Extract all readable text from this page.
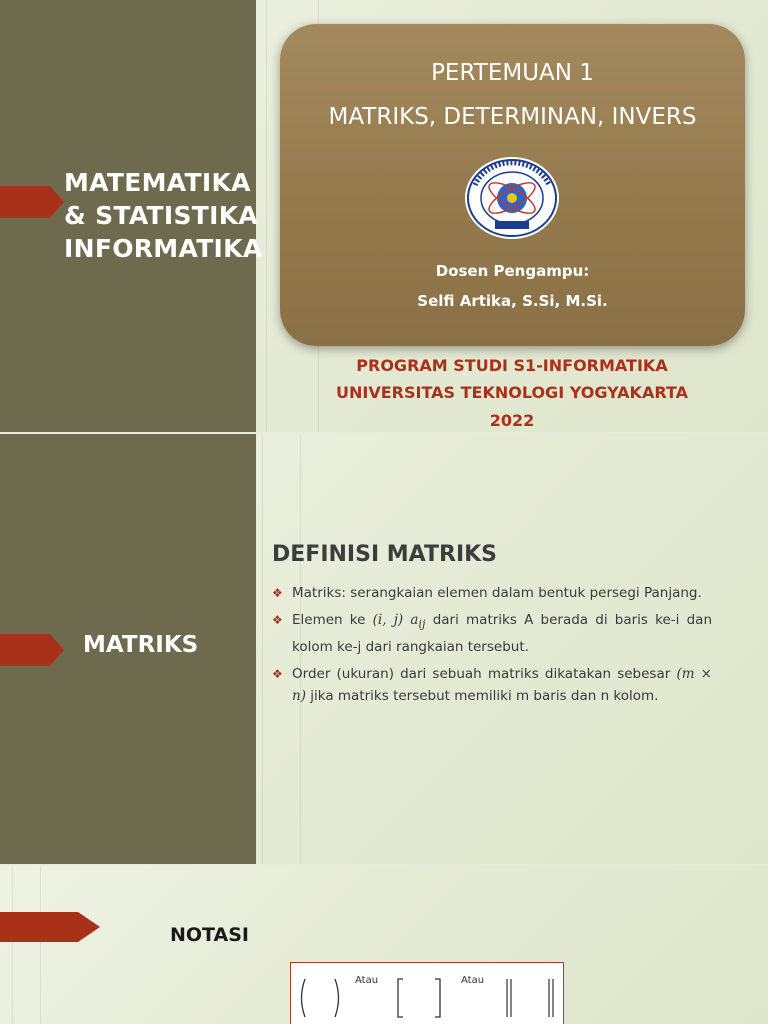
MATEMATIKA
& STATISTIKA
INFORMATIKA
PERTEMUAN 1
MATRIKS, DETERMINAN, INVERS
Dosen Pengampu:
Selfi Artika, S.Si, M.Si.
PROGRAM STUDI S1-INFORMATIKA
UNIVERSITAS TEKNOLOGI YOGYAKARTA
2022
MATRIKS
DEFINISI MATRIKS
❖ Matriks: serangkaian elemen dalam bentuk persegi Panjang.
❖ Elemen ke (i, j) $a_{ij}$ dari matriks A berada di baris ke-i dan kolom ke-j dari rangkaian tersebut.
❖ Order (ukuran) dari sebuah matriks dikatakan sebesar (m × n) jika matriks tersebut memiliki m baris dan n kolom.
NOTASI
Atau	Atau
